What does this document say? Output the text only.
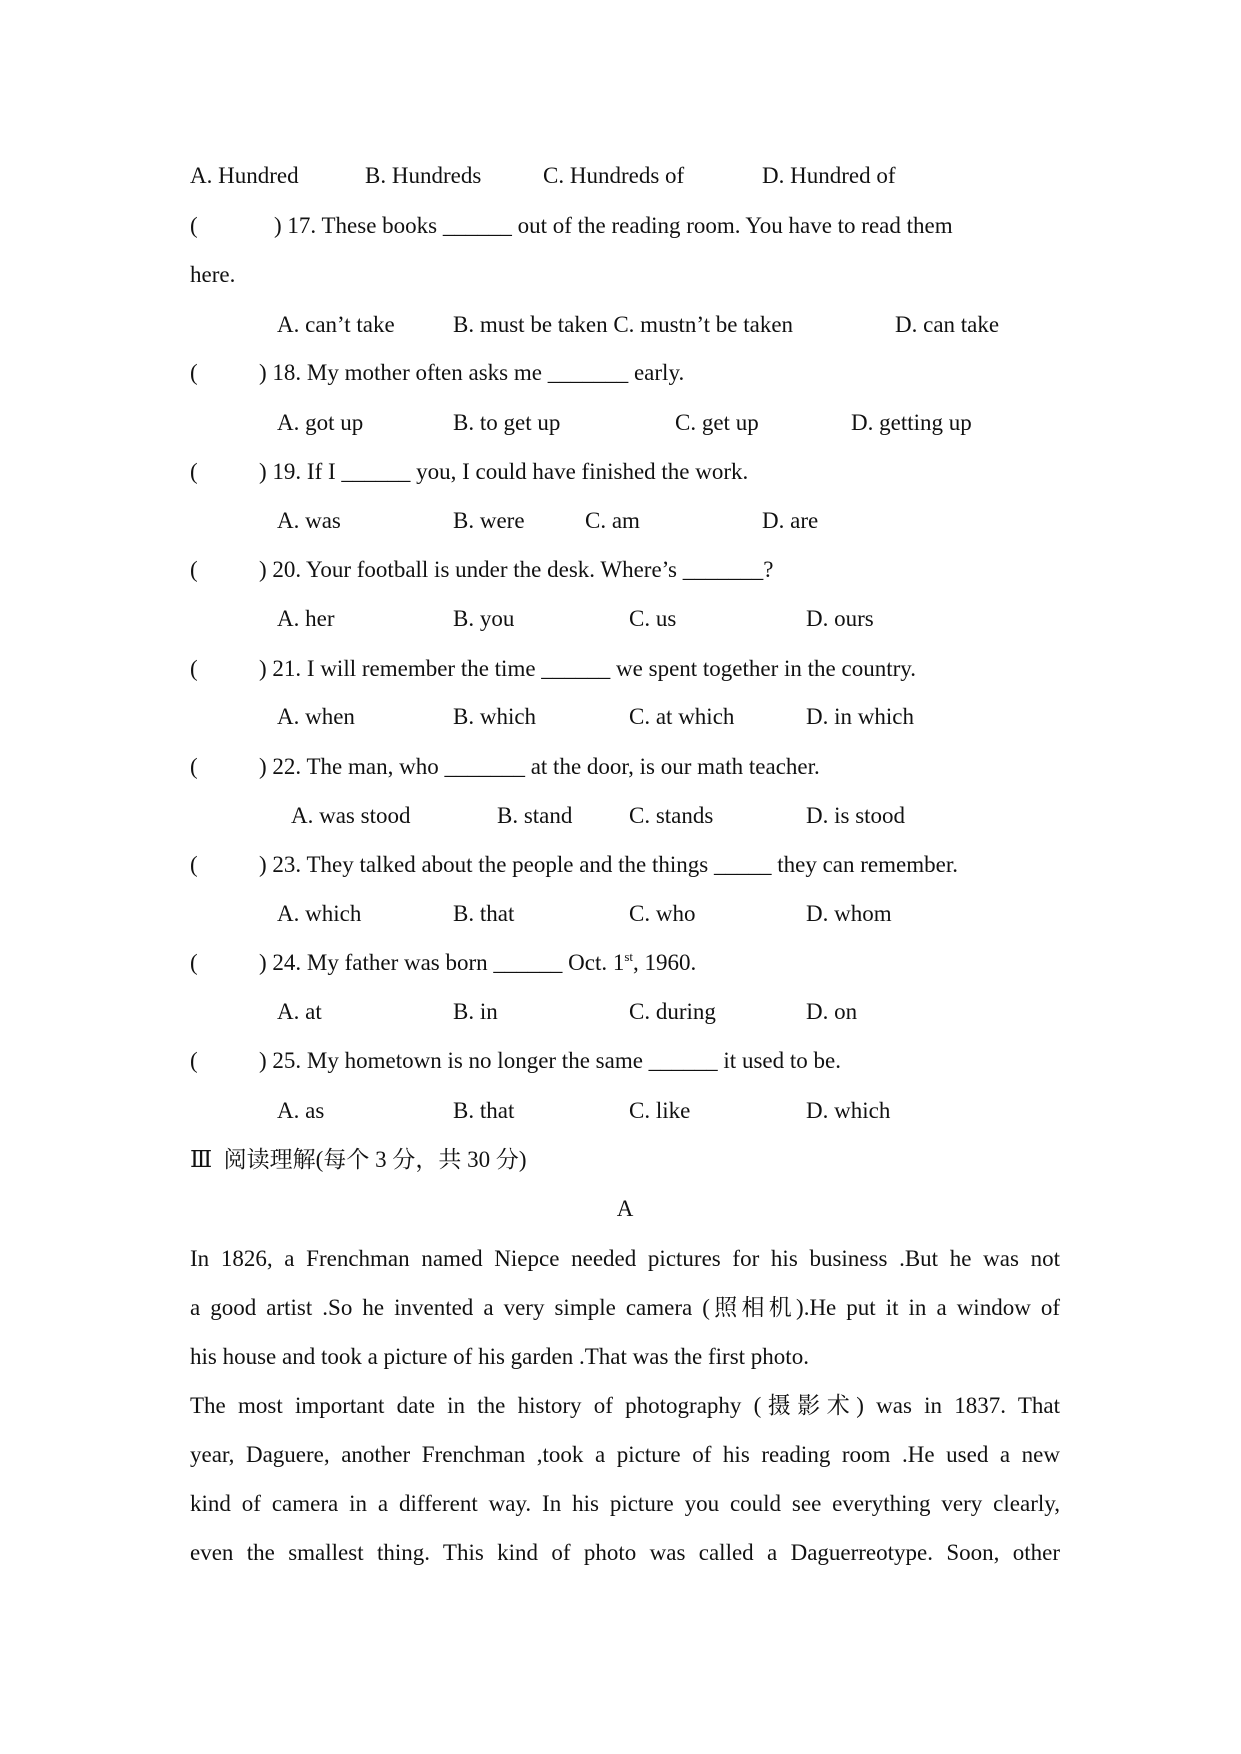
A. Hundred	B. Hundreds	C. Hundreds of	D. Hundred of
(	) 17. These books ______ out of the reading room. You have to read them
here.
A. can’t take	B. must be taken C. mustn’t be taken	D. can take
(	) 18. My mother often asks me _______ early.
A. got up	B. to get up	C. get up	D. getting up
(	) 19. If I ______ you, I could have finished the work.
A. was	B. were	C. am	D. are
(	) 20. Your football is under the desk. Where’s _______?
A. her	B. you	C. us	D. ours
(	) 21. I will remember the time ______ we spent together in the country.
A. when	B. which	C. at which	D. in which
(	) 22. The man, who _______ at the door, is our math teacher.
A. was stood	B. stand C. stands	D. is stood
(	) 23. They talked about the people and the things _____ they can remember.
A. which	B. that	C. who	D. whom
(	) 24. My father was born ______ Oct. 1st, 1960.
A. at	B. in	C. during	D. on
(	) 25. My hometown is no longer the same ______ it used to be.
A. as	B. that	C. like	D. which
Ⅲ  阅读理解(每个 3 分，共 30 分)
A
In 1826, a Frenchman named Niepce needed pictures for his business .But he was not
a good artist .So he invented a very simple camera (照相机).He put it in a window of
his house and took a picture of his garden .That was the first photo.
The most important date in the history of photography (摄影术) was in 1837. That
year, Daguere, another Frenchman ,took a picture of his reading room .He used a new
kind of camera in a different way. In his picture you could see everything very clearly,
even the smallest thing. This kind of photo was called a Daguerreotype. Soon, other
